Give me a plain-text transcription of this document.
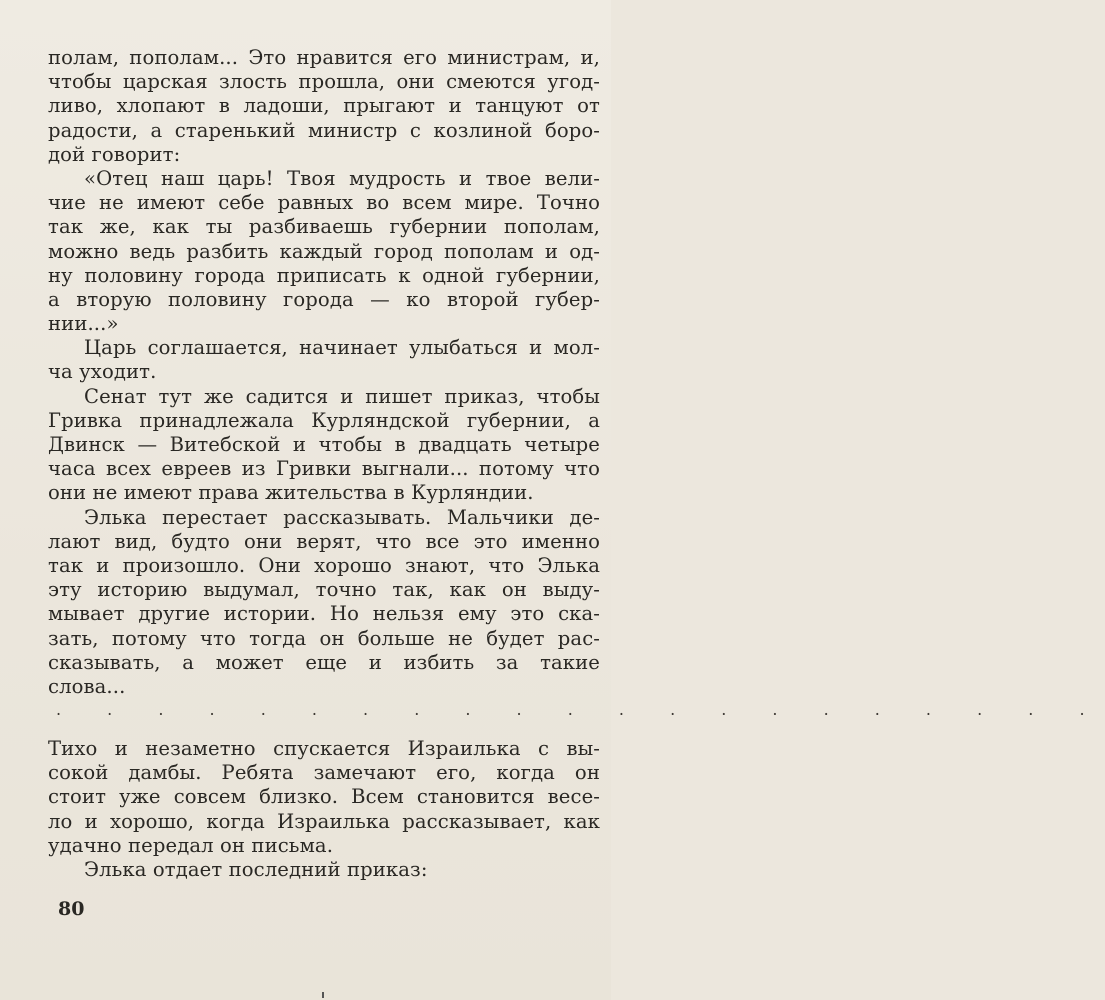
полам, пополам... Это нравится его министрам, и,
чтобы царская злость прошла, они смеются угод-
ливо, хлопают в ладоши, прыгают и танцуют от
радости, а старенький министр с козлиной боро-
дой говорит:
«Отец наш царь! Твоя мудрость и твое вели-
чие не имеют себе равных во всем мире. Точно
так же, как ты разбиваешь губернии пополам,
можно ведь разбить каждый город пополам и од-
ну половину города приписать к одной губернии,
а вторую половину города — ко второй губер-
нии...»
Царь соглашается, начинает улыбаться и мол-
ча уходит.
Сенат тут же садится и пишет приказ, чтобы
Гривка принадлежала Курляндской губернии, а
Двинск — Витебской и чтобы в двадцать четыре
часа всех евреев из Гривки выгнали... потому что
они не имеют права жительства в Курляндии.
Элька перестает рассказывать. Мальчики де-
лают вид, будто они верят, что все это именно
так и произошло. Они хорошо знают, что Элька
эту историю выдумал, точно так, как он выду-
мывает другие истории. Но нельзя ему это ска-
зать, потому что тогда он больше не будет рас-
сказывать, а может еще и избить за такие
слова...
. . . . . . . . . . . . . . . . . . . . .
Тихо и незаметно спускается Израилька с вы-
сокой дамбы. Ребята замечают его, когда он
стоит уже совсем близко. Всем становится весе-
ло и хорошо, когда Израилька рассказывает, как
удачно передал он письма.
Элька отдает последний приказ:
80
